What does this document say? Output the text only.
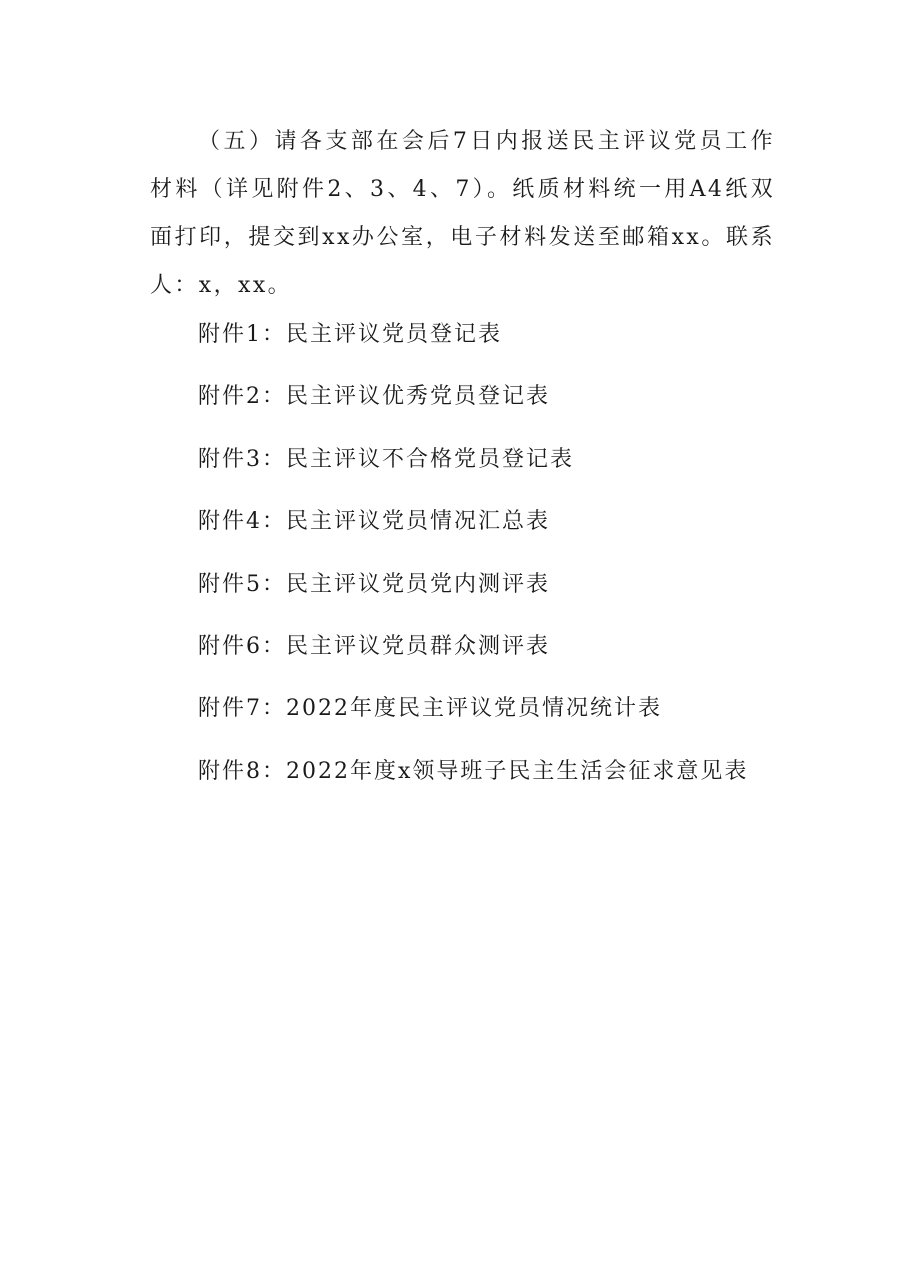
（五）请各支部在会后7日内报送民主评议党员工作材料（详见附件2、3、4、7）。纸质材料统一用A4纸双面打印，提交到xx办公室，电子材料发送至邮箱xx。联系人：x，xx。

附件1：民主评议党员登记表
附件2：民主评议优秀党员登记表
附件3：民主评议不合格党员登记表
附件4：民主评议党员情况汇总表
附件5：民主评议党员党内测评表
附件6：民主评议党员群众测评表
附件7：2022年度民主评议党员情况统计表
附件8：2022年度x领导班子民主生活会征求意见表
